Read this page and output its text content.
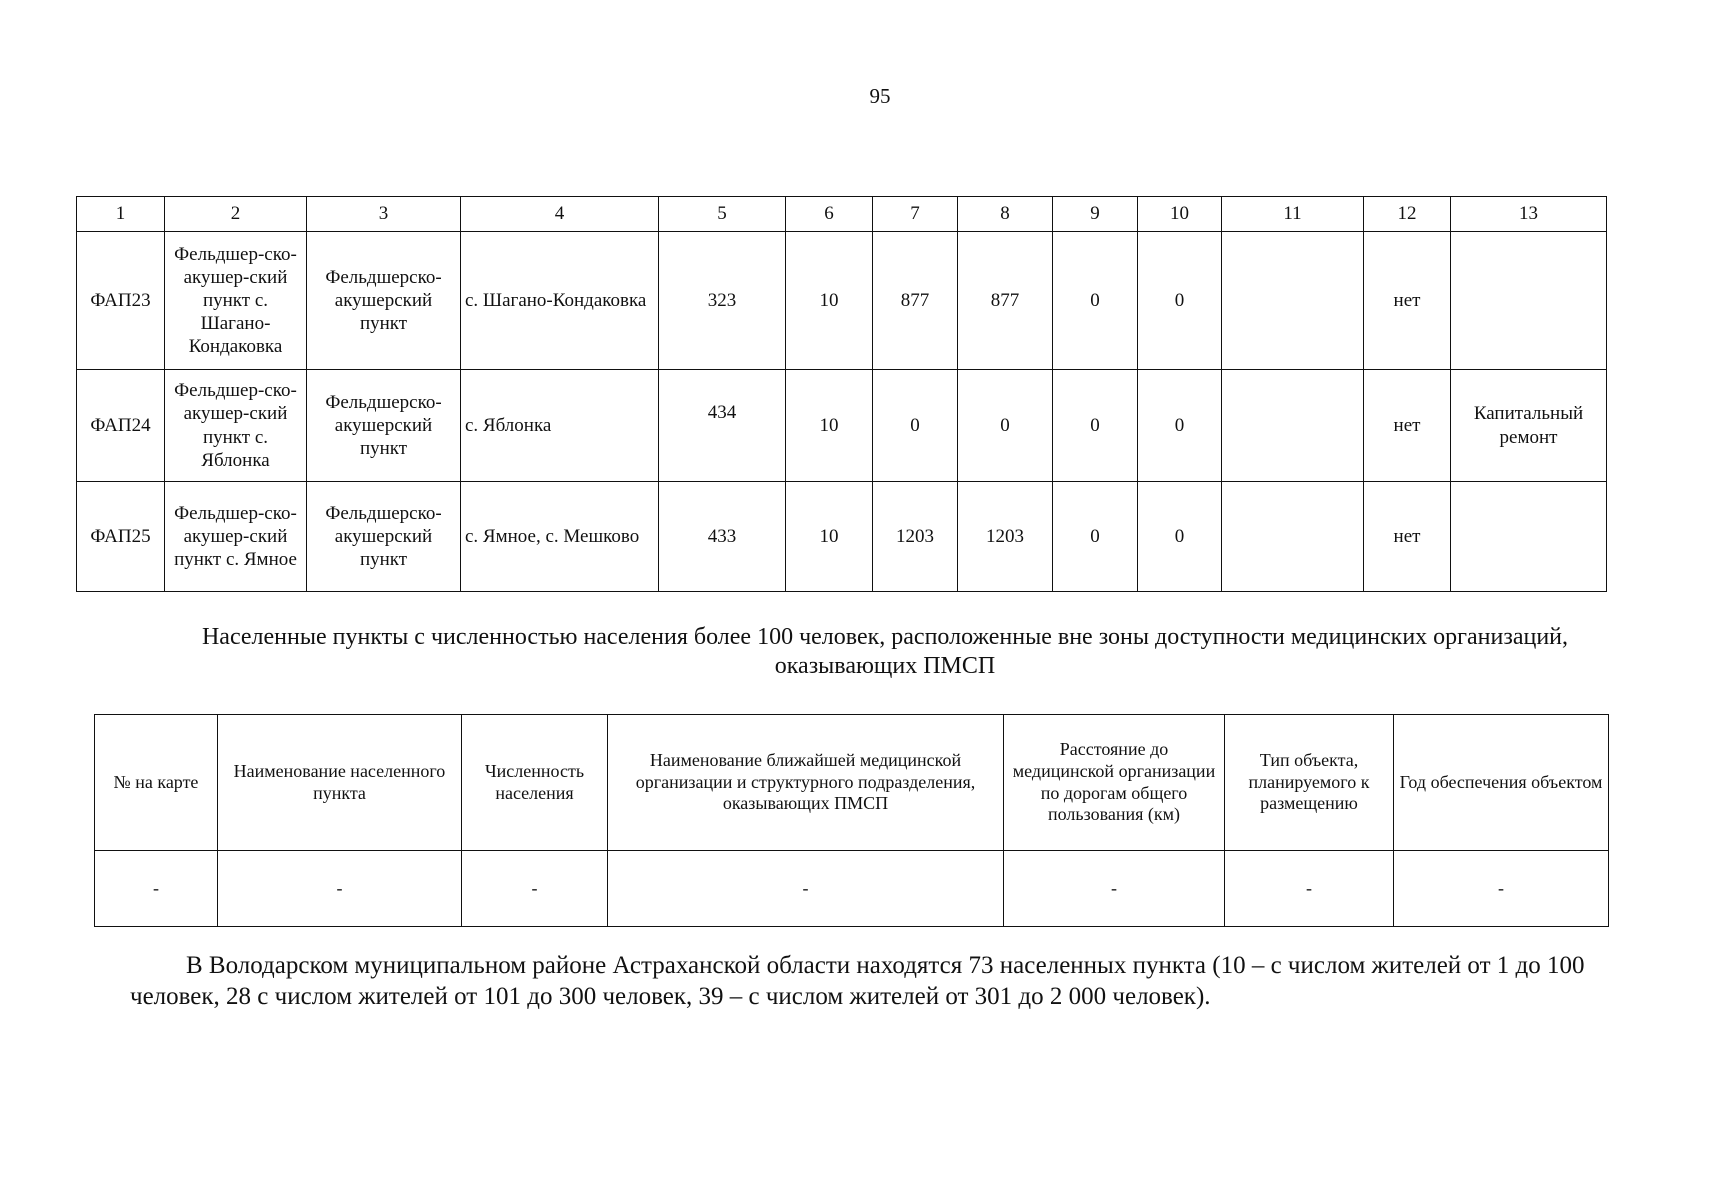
95
1	2	3	4	5	6	7	8	9	10	11	12	13
ФАП23	Фельдшер-ско-акушер-ский пункт с. Шагано-Кондаковка	Фельдшерско-акушерский пункт	с. Шагано-Кондаковка	323	10	877	877	0	0		нет	
ФАП24	Фельдшер-ско-акушер-ский пункт с. Яблонка	Фельдшерско-акушерский пункт	с. Яблонка	434	10	0	0	0	0		нет	Капитальный ремонт
ФАП25	Фельдшер-ско-акушер-ский пункт с. Ямное	Фельдшерско-акушерский пункт	с. Ямное, с. Мешково	433	10	1203	1203	0	0		нет	
Населенные пункты с численностью населения более 100 человек, расположенные вне зоны доступности медицинских организаций, оказывающих ПМСП
№ на карте	Наименование населенного пункта	Численность населения	Наименование ближайшей медицинской организации и структурного подразделения, оказывающих ПМСП	Расстояние до медицинской организации по дорогам общего пользования (км)	Тип объекта, планируемого к размещению	Год обеспечения объектом
-	-	-	-	-	-	-
В Володарском муниципальном районе Астраханской области находятся 73 населенных пункта (10 – с числом жителей от 1 до 100 человек, 28 с числом жителей от 101 до 300 человек, 39 – с числом жителей от 301 до 2 000 человек).
